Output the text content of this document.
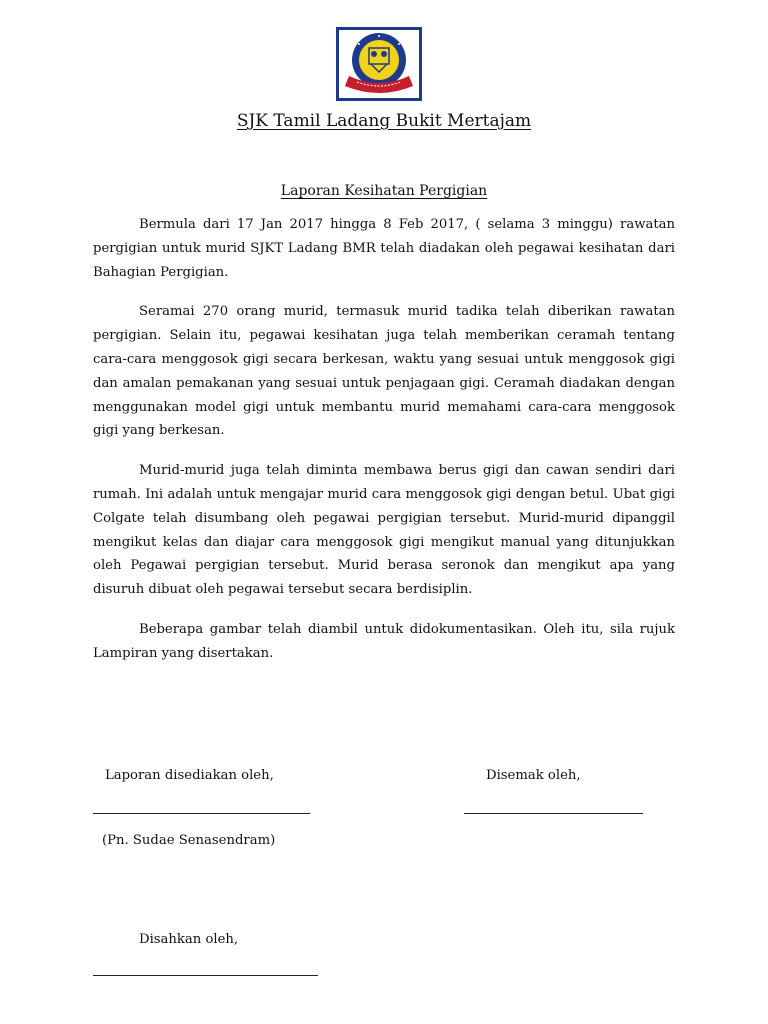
SJK Tamil Ladang Bukit Mertajam
Laporan Kesihatan Pergigian

Bermula dari 17 Jan 2017 hingga 8 Feb 2017, ( selama 3 minggu) rawatan pergigian untuk murid SJKT Ladang BMR telah diadakan oleh pegawai kesihatan dari Bahagian Pergigian.

Seramai 270 orang murid, termasuk murid tadika telah diberikan rawatan pergigian. Selain itu, pegawai kesihatan juga telah memberikan ceramah tentang cara-cara menggosok gigi secara berkesan, waktu yang sesuai untuk menggosok gigi dan amalan pemakanan yang sesuai untuk penjagaan gigi. Ceramah diadakan dengan menggunakan model gigi untuk membantu murid memahami cara-cara menggosok gigi yang berkesan.

Murid-murid juga telah diminta membawa berus gigi dan cawan sendiri dari rumah. Ini adalah untuk mengajar murid cara menggosok gigi dengan betul. Ubat gigi Colgate telah disumbang oleh pegawai pergigian tersebut. Murid-murid dipanggil mengikut kelas dan diajar cara menggosok gigi mengikut manual yang ditunjukkan oleh Pegawai pergigian tersebut. Murid berasa seronok dan mengikut apa yang disuruh dibuat oleh pegawai tersebut secara berdisiplin.

Beberapa gambar telah diambil untuk didokumentasikan. Oleh itu, sila rujuk Lampiran yang disertakan.

Laporan disediakan oleh,	Disemak oleh,
(Pn. Sudae Senasendram)
Disahkan oleh,
